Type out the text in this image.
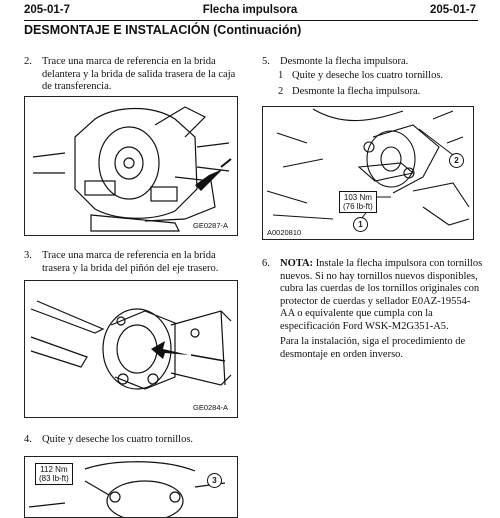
205-01-7	Flecha impulsora	205-01-7
DESMONTAJE E INSTALACIÓN (Continuación)
2. Trace una marca de referencia en la brida
delantera y la brida de salida trasera de la caja
de transferencia.
GE0287-A
3. Trace una marca de referencia en la brida
trasera y la brida del piñón del eje trasero.
GE0284-A
4. Quite y deseche los cuatro tornillos.
112 Nm
(83 lb-ft)	3
5. Desmonte la flecha impulsora.
1 Quite y deseche los cuatro tornillos.
2 Desmonte la flecha impulsora.
2
103 Nm
(76 lb-ft)
1
A0020810
6. NOTA: Instale la flecha impulsora con tornillos
nuevos. Si no hay tornillos nuevos disponibles,
cubra las cuerdas de los tornillos originales con
protector de cuerdas y sellador E0AZ-19554-
AA o equivalente que cumpla con la
especificación Ford WSK-M2G351-A5.
Para la instalación, siga el procedimiento de
desmontaje en orden inverso.
